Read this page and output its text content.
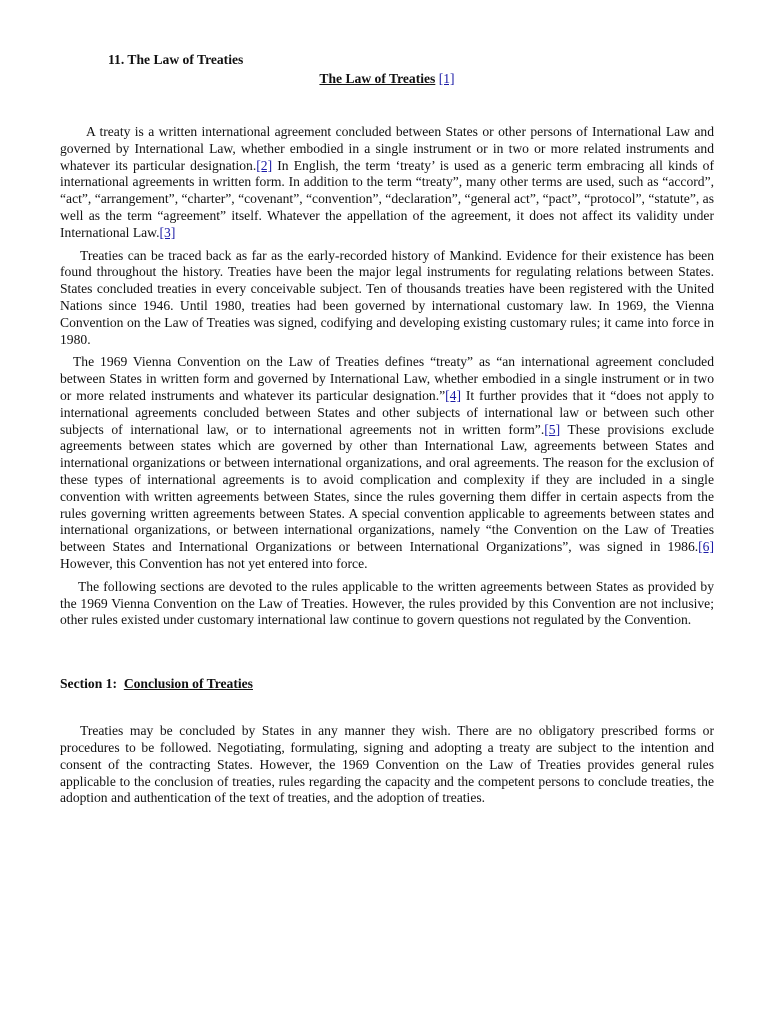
11. The Law of Treaties
The Law of Treaties [1]

A treaty is a written international agreement concluded between States or other persons of International Law and governed by International Law, whether embodied in a single instrument or in two or more related instruments and whatever its particular designation.[2] In English, the term ‘treaty’ is used as a generic term embracing all kinds of international agreements in written form. In addition to the term “treaty”, many other terms are used, such as “accord”, “act”, “arrangement”, “charter”, “covenant”, “convention”, “declaration”, “general act”, “pact”, “protocol”, “statute”, as well as the term “agreement” itself. Whatever the appellation of the agreement, it does not affect its validity under International Law.[3]

Treaties can be traced back as far as the early-recorded history of Mankind. Evidence for their existence has been found throughout the history. Treaties have been the major legal instruments for regulating relations between States. States concluded treaties in every conceivable subject. Ten of thousands treaties have been registered with the United Nations since 1946. Until 1980, treaties had been governed by international customary law. In 1969, the Vienna Convention on the Law of Treaties was signed, codifying and developing existing customary rules; it came into force in 1980.

The 1969 Vienna Convention on the Law of Treaties defines “treaty” as “an international agreement concluded between States in written form and governed by International Law, whether embodied in a single instrument or in two or more related instruments and whatever its particular designation.”[4] It further provides that it “does not apply to international agreements concluded between States and other subjects of international law or between such other subjects of international law, or to international agreements not in written form”.[5] These provisions exclude agreements between states which are governed by other than International Law, agreements between States and international organizations or between international organizations, and oral agreements. The reason for the exclusion of these types of international agreements is to avoid complication and complexity if they are included in a single convention with written agreements between States, since the rules governing them differ in certain aspects from the rules governing written agreements between States. A special convention applicable to agreements between states and international organizations, or between international organizations, namely “the Convention on the Law of Treaties between States and International Organizations or between International Organizations”, was signed in 1986.[6] However, this Convention has not yet entered into force.

The following sections are devoted to the rules applicable to the written agreements between States as provided by the 1969 Vienna Convention on the Law of Treaties. However, the rules provided by this Convention are not inclusive; other rules existed under customary international law continue to govern questions not regulated by the Convention.

Section 1: Conclusion of Treaties

Treaties may be concluded by States in any manner they wish. There are no obligatory prescribed forms or procedures to be followed. Negotiating, formulating, signing and adopting a treaty are subject to the intention and consent of the contracting States. However, the 1969 Convention on the Law of Treaties provides general rules applicable to the conclusion of treaties, rules regarding the capacity and the competent persons to conclude treaties, the adoption and authentication of the text of treaties, and the adoption of treaties.
